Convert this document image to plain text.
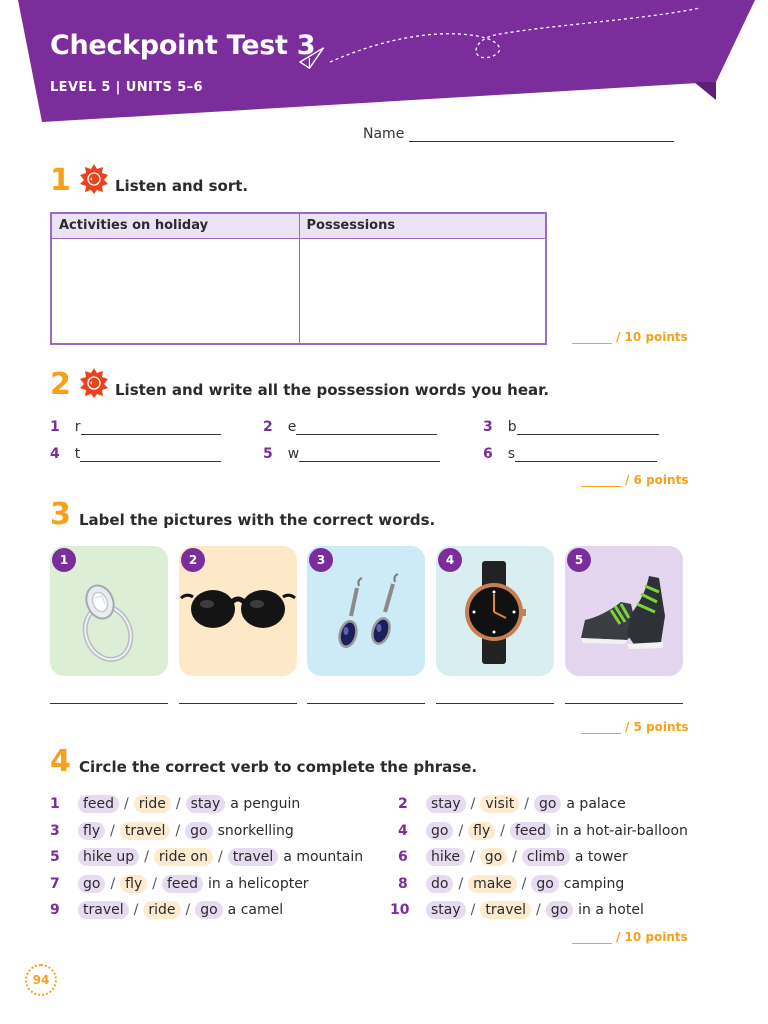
Checkpoint Test 3
LEVEL 5 | UNITS 5–6
Name
1	Listen and sort.
Activities on holiday	Possessions

/ 10 points
2	Listen and write all the possession words you hear.
1 r	2 e	3 b
4 t	5 w	6 s
/ 6 points
3 Label the pictures with the correct words.
1	2	3	4	5
/ 5 points
4 Circle the correct verb to complete the phrase.
1	feed / ride / stay a penguin	2	stay / visit / go a palace
3	fly / travel / go snorkelling	4	go / fly / feed in a hot-air-balloon
5	hike up / ride on / travel a mountain 6	hike / go / climb a tower
7	go / fly / feed in a helicopter	8	do / make / go camping
9	travel / ride / go a camel	10	stay / travel / go in a hotel
/ 10 points
94
